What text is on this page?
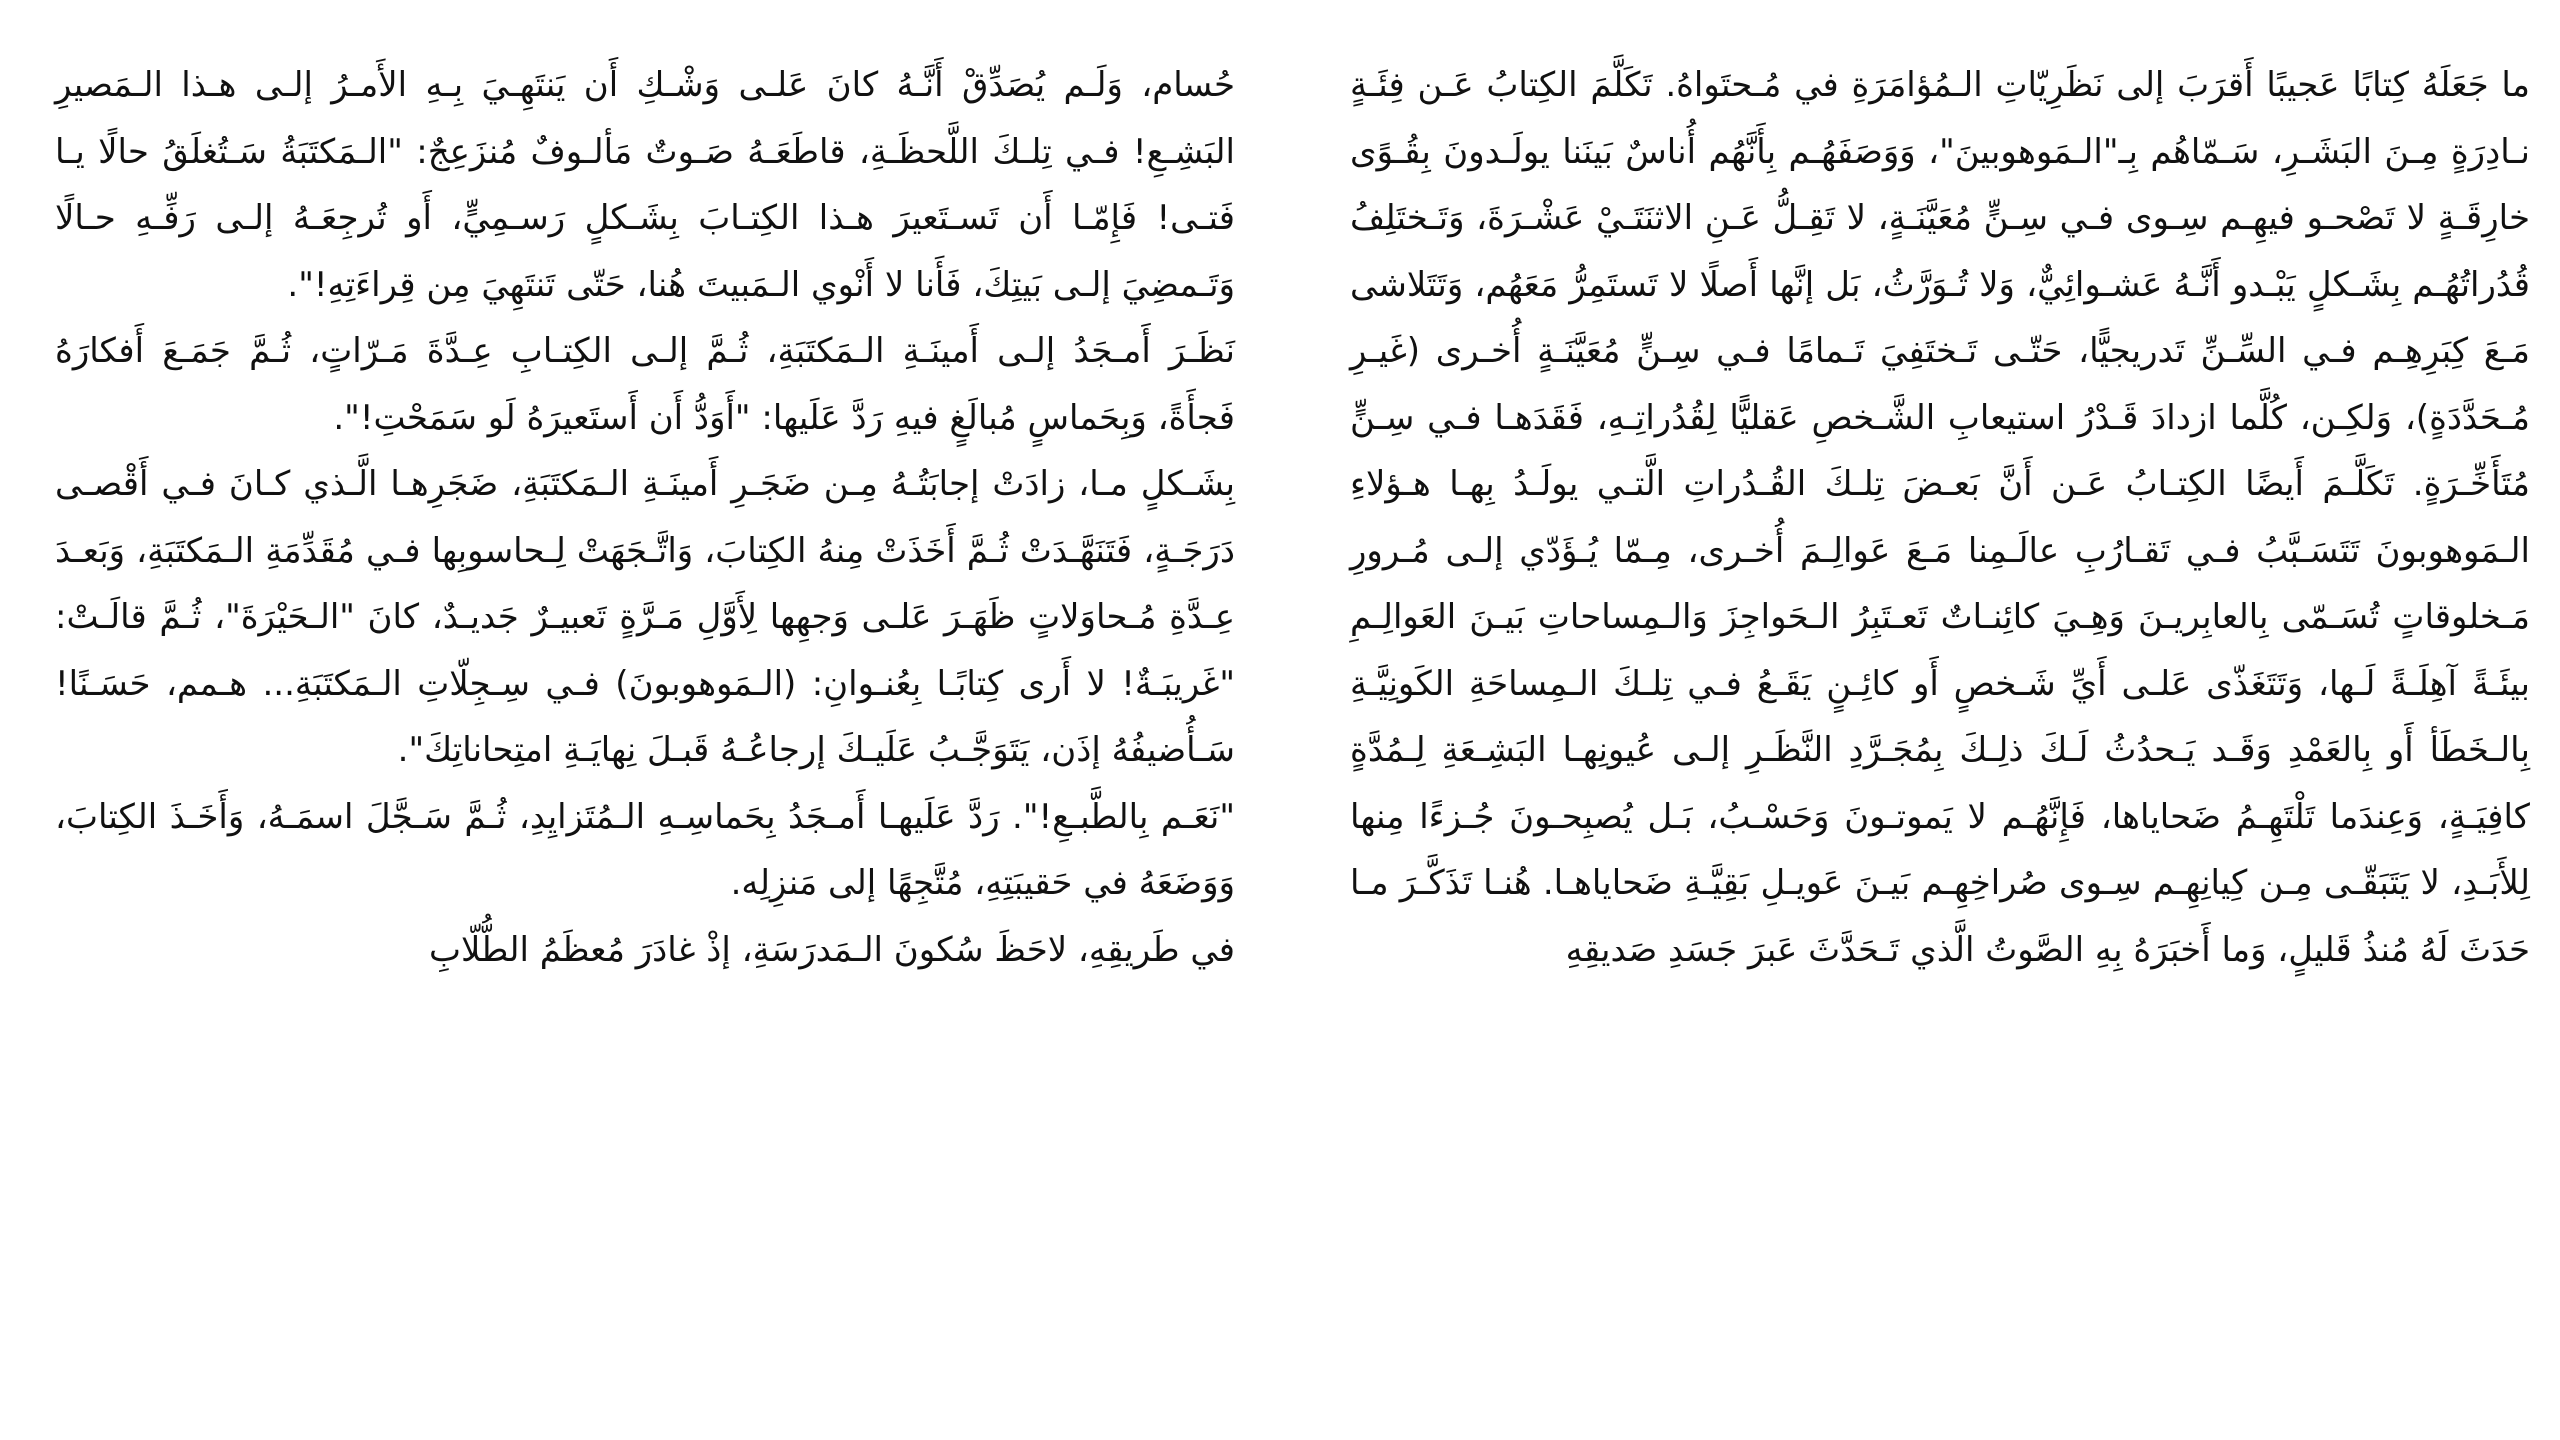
ما جَعَلَهُ كِتابًا عَجيبًا أَقرَبَ إلى نَظَرِيّاتِ الـمُؤامَرَةِ في مُـحتَواهُ. تَكَلَّمَ الكِتابُ عَـن فِئَـةٍ نـادِرَةٍ مِـنَ البَشَـرِ، سَـمّاهُم بِـ"الـمَوهوبينَ"، وَوَصَفَهُـم بِأَنَّهُم أُناسٌ بَينَنا يولَـدونَ بِقُـوًى خارِقَـةٍ لا تَصْحـو فيهِـم سِـوى فـي سِـنٍّ مُعَيَّنَـةٍ، لا تَقِـلُّ عَـنِ الاثنَتَـيْ عَشْـرَةَ، وَتَـختَلِفُ قُدُراتُهُـم بِشَـكلٍ يَبْـدو أَنَّـهُ عَشـوائِيٌّ، وَلا تُـوَرَّثُ، بَل إنَّها أَصلًا لا تَستَمِرُّ مَعَهُم، وَتَتَلاشى مَـعَ كِبَرِهِـم فـي السِّـنِّ تَدريجيًّا، حَتّـى تَـختَفِيَ تَـمامًا فـي سِـنٍّ مُعَيَّنَـةٍ أُخـرى (غَيـرِ مُـحَدَّدَةٍ)، وَلكِـن، كُلَّما ازدادَ قَـدْرُ استيعابِ الشَّـخصِ عَقليًّا لِقُدُراتِـهِ، فَقَدَهـا فـي سِـنٍّ مُتَأَخِّـرَةٍ. تَكَلَّـمَ أَيضًا الكِتـابُ عَـن أَنَّ بَعـضَ تِلـكَ القُـدُراتِ الَّتـي يولَـدُ بِهـا هـؤلاءِ الـمَوهوبونَ تَتَسَـبَّبُ فـي تَقـارُبِ عالَـمِنا مَـعَ عَوالِـمَ أُخـرى، مِـمّا يُـؤَدّي إلـى مُـرورِ مَـخلوقاتٍ تُسَـمّى بِالعابِريـنَ وَهِـيَ كائِنـاتٌ تَعـتَبِرُ الـحَواجِزَ وَالـمِساحاتِ بَيـنَ العَوالِـمِ بيئَـةً آهِلَـةً لَـها، وَتَتَغَذّى عَلـى أَيِّ شَـخصٍ أَو كائِـنٍ يَقَـعُ فـي تِلـكَ الـمِساحَةِ الكَونِيَّـةِ بِالـخَطَأ أَو بِالعَمْدِ وَقَـد يَـحدُثُ لَـكَ ذلِـكَ بِمُجَـرَّدِ النَّظَـرِ إلـى عُيونِهـا البَشِـعَةِ لِـمُدَّةٍ كافِيَـةٍ، وَعِندَما تَلْتَهِـمُ ضَحاياها، فَإِنَّهُـم لا يَموتـونَ وَحَسْـبُ، بَـل يُصبِحـونَ جُـزءًا مِنها لِلأَبَـدِ، لا يَتَبَقّـى مِـن كِيانِهِـم سِـوى صُراخِهِـم بَيـنَ عَويـلِ بَقِيَّـةِ ضَحاياهـا. هُنـا تَذَكَّـرَ مـا حَدَثَ لَهُ مُنذُ قَليلٍ، وَما أَخبَرَهُ بِهِ الصَّوتُ الَّذي تَـحَدَّثَ عَبرَ جَسَدِ صَديقِهِ

حُسام، وَلَـم يُصَدِّقْ أَنَّـهُ كانَ عَلـى وَشْـكِ أَن يَنتَهِـيَ بِـهِ الأَمـرُ إلـى هـذا الـمَصيرِ البَشِـعِ! فـي تِلـكَ اللَّحظَـةِ، قاطَعَـهُ صَـوتٌ مَألـوفٌ مُنزَعِجٌ: "الـمَكتَبَةُ سَـتُغلَقُ حالًا يـا فَتـى! فَإِمّـا أَن تَسـتَعيرَ هـذا الكِتـابَ بِشَـكلٍ رَسـمِيٍّ، أَو تُرجِعَـهُ إلـى رَفِّـهِ حـالًا وَتَـمضِيَ إلـى بَيتِكَ، فَأَنا لا أَنْوي الـمَبيتَ هُنا، حَتّى تَنتَهِيَ مِن قِراءَتِهِ!".

نَظَـرَ أَمـجَدُ إلـى أَمينَـةِ الـمَكتَبَةِ، ثُـمَّ إلـى الكِتـابِ عِـدَّةَ مَـرّاتٍ، ثُـمَّ جَمَـعَ أَفكارَهُ فَجأَةً، وَبِحَماسٍ مُبالَغٍ فيهِ رَدَّ عَلَيها: "أَوَدُّ أَن أَستَعيرَهُ لَو سَمَحْتِ!".

بِشَـكلٍ مـا، زادَتْ إجابَتُـهُ مِـن ضَجَـرِ أَمينَـةِ الـمَكتَبَةِ، ضَجَرِهـا الَّـذي كـانَ فـي أَقْصـى دَرَجَـةٍ، فَتَنَهَّـدَتْ ثُـمَّ أَخَذَتْ مِنهُ الكِتابَ، وَاتَّـجَهَتْ لِـحاسوبِها فـي مُقَدِّمَةِ الـمَكتَبَةِ، وَبَعـدَ عِـدَّةِ مُـحاوَلاتٍ ظَهَـرَ عَلـى وَجهِها لِأَوَّلِ مَـرَّةٍ تَعبيـرٌ جَديـدٌ، كانَ "الـحَيْرَةَ"، ثُـمَّ قالَـتْ: "غَريبَـةٌ! لا أَرى كِتابًـا بِعُنـوانِ: (الـمَوهوبونَ) فـي سِـجِلّاتِ الـمَكتَبَةِ... هـمم، حَسَـنًا! سَـأُضيفُهُ إذَن، يَتَوَجَّـبُ عَلَيـكَ إرجاعُـهُ قَبـلَ نِهايَـةِ امتِحاناتِكَ".

"نَعَـم بِالطَّبـعِ!". رَدَّ عَلَيهـا أَمـجَدُ بِحَماسِـهِ الـمُتَزايِدِ، ثُـمَّ سَـجَّلَ اسمَـهُ، وَأَخَـذَ الكِتابَ، وَوَضَعَهُ في حَقيبَتِهِ، مُتَّجِهًا إلى مَنزِلِه.

في طَريقِهِ، لاحَظَ سُكونَ الـمَدرَسَةِ، إذْ غادَرَ مُعظَمُ الطُّلّابِ
